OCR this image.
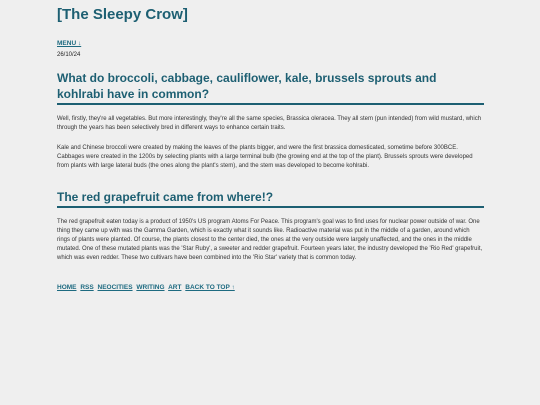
[The Sleepy Crow]
MENU ↓
26/10/24
What do broccoli, cabbage, cauliflower, kale, brussels sprouts and kohlrabi have in common?

Well, firstly, they're all vegetables. But more interestingly, they're all the same species, Brassica oleracea. They all stem (pun intended) from wild mustard, which through the years has been selectively bred in different ways to enhance certain traits.

Kale and Chinese broccoli were created by making the leaves of the plants bigger, and were the first brassica domesticated, sometime before 300BCE. Cabbages were created in the 1200s by selecting plants with a large terminal bulb (the growing end at the top of the plant). Brussels sprouts were developed from plants with large lateral buds (the ones along the plant's stem), and the stem was developed to become kohlrabi.

The red grapefruit came from where!?

The red grapefruit eaten today is a product of 1950's US program Atoms For Peace. This program's goal was to find uses for nuclear power outside of war. One thing they came up with was the Gamma Garden, which is exactly what it sounds like. Radioactive material was put in the middle of a garden, around which rings of plants were planted. Of course, the plants closest to the center died, the ones at the very outside were largely unaffected, and the ones in the middle mutated. One of these mutated plants was the 'Star Ruby', a sweeter and redder grapefruit. Fourteen years later, the industry developed the 'Rio Red' grapefruit, which was even redder. These two cultivars have been combined into the 'Rio Star' variety that is common today.

HOME RSS NEOCITIES WRITING ART BACK TO TOP ↑
